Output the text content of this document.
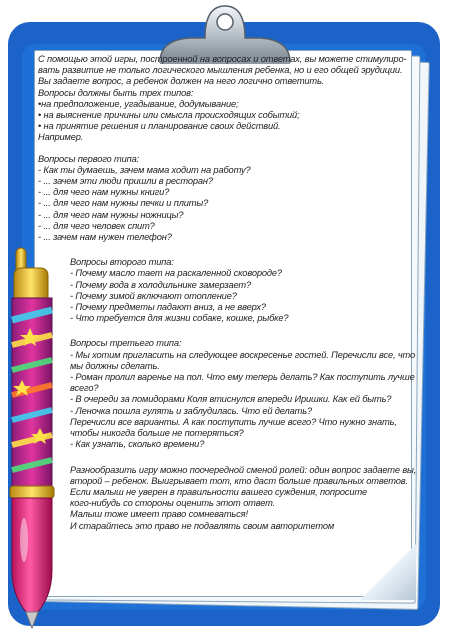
С помощью этой игры, построенной на вопросах и ответах, вы можете стимулиро-

вать развитие не только логического мышления ребенка, но и его общей эрудиции.

Вы задаете вопрос, а ребенок должен на него логично ответить.

Вопросы должны быть трех типов:

•на предположение, угадывание, додумывание;

• на выяснение причины или смысла происходящих событий;

• на принятие решения и планирование своих действий.

Например.

Вопросы первого типа:

- Как ты думаешь, зачем мама ходит на работу?

- ... зачем эти люди пришли в ресторан?

- ... для чего нам нужны книги?

- ... для чего нам нужны печки и плиты?

- ... для чего нам нужны ножницы?

- ... для чего человек спит?

- ... зачем нам нужен телефон?

Вопросы второго типа:

- Почему масло тает на раскаленной сковороде?

- Почему вода в холодильнике замерзает?

- Почему зимой включают отопление?

- Почему предметы падают вниз, а не вверх?

- Что требуется для жизни собаке, кошке, рыбке?

Вопросы третьего типа:

- Мы хотим пригласить на следующее воскресенье гостей. Перечисли все, что

мы должны сделать.

- Роман пролил варенье на пол. Что ему теперь делать? Как поступить лучше

всего?

- В очереди за помидорами Коля втиснулся впереди Иришки. Как ей быть?

- Леночка пошла гулять и заблудилась. Что ей делать?

Перечисли все варианты. А как поступить лучше всего? Что нужно знать,

чтобы никогда больше не потеряться?

- Как узнать, сколько времени?

Разнообразить игру можно поочередной сменой ролей: один вопрос задаете вы,

второй – ребенок. Выигрывает тот, кто даст больше правильных ответов.

Если малыш не уверен в правильности вашего суждения, попросите

кого-нибудь со стороны оценить этот ответ.

Малыш тоже имеет право сомневаться!

И старайтесь это право не подавлять своим авторитетом
